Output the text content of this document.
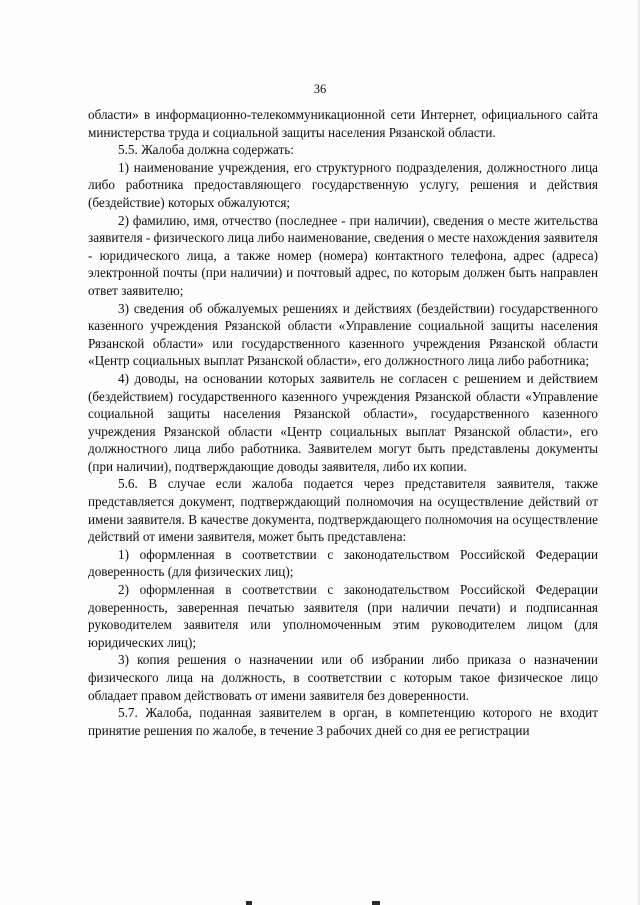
36

области» в информационно-телекоммуникационной сети Интернет, официального сайта министерства труда и социальной защиты населения Рязанской области.

5.5. Жалоба должна содержать:

1) наименование учреждения, его структурного подразделения, должностного лица либо работника предоставляющего государственную услугу, решения и действия (бездействие) которых обжалуются;

2) фамилию, имя, отчество (последнее - при наличии), сведения о месте жительства заявителя - физического лица либо наименование, сведения о месте нахождения заявителя - юридического лица, а также номер (номера) контактного телефона, адрес (адреса) электронной почты (при наличии) и почтовый адрес, по которым должен быть направлен ответ заявителю;

3) сведения об обжалуемых решениях и действиях (бездействии) государственного казенного учреждения Рязанской области «Управление социальной защиты населения Рязанской области» или государственного казенного учреждения Рязанской области «Центр социальных выплат Рязанской области», его должностного лица либо работника;

4) доводы, на основании которых заявитель не согласен с решением и действием (бездействием) государственного казенного учреждения Рязанской области «Управление социальной защиты населения Рязанской области», государственного казенного учреждения Рязанской области «Центр социальных выплат Рязанской области», его должностного лица либо работника. Заявителем могут быть представлены документы (при наличии), подтверждающие доводы заявителя, либо их копии.

5.6. В случае если жалоба подается через представителя заявителя, также представляется документ, подтверждающий полномочия на осуществление действий от имени заявителя. В качестве документа, подтверждающего полномочия на осуществление действий от имени заявителя, может быть представлена:

1) оформленная в соответствии с законодательством Российской Федерации доверенность (для физических лиц);

2) оформленная в соответствии с законодательством Российской Федерации доверенность, заверенная печатью заявителя (при наличии печати) и подписанная руководителем заявителя или уполномоченным этим руководителем лицом (для юридических лиц);

3) копия решения о назначении или об избрании либо приказа о назначении физического лица на должность, в соответствии с которым такое физическое лицо обладает правом действовать от имени заявителя без доверенности.

5.7. Жалоба, поданная заявителем в орган, в компетенцию которого не входит принятие решения по жалобе, в течение 3 рабочих дней со дня ее регистрации
